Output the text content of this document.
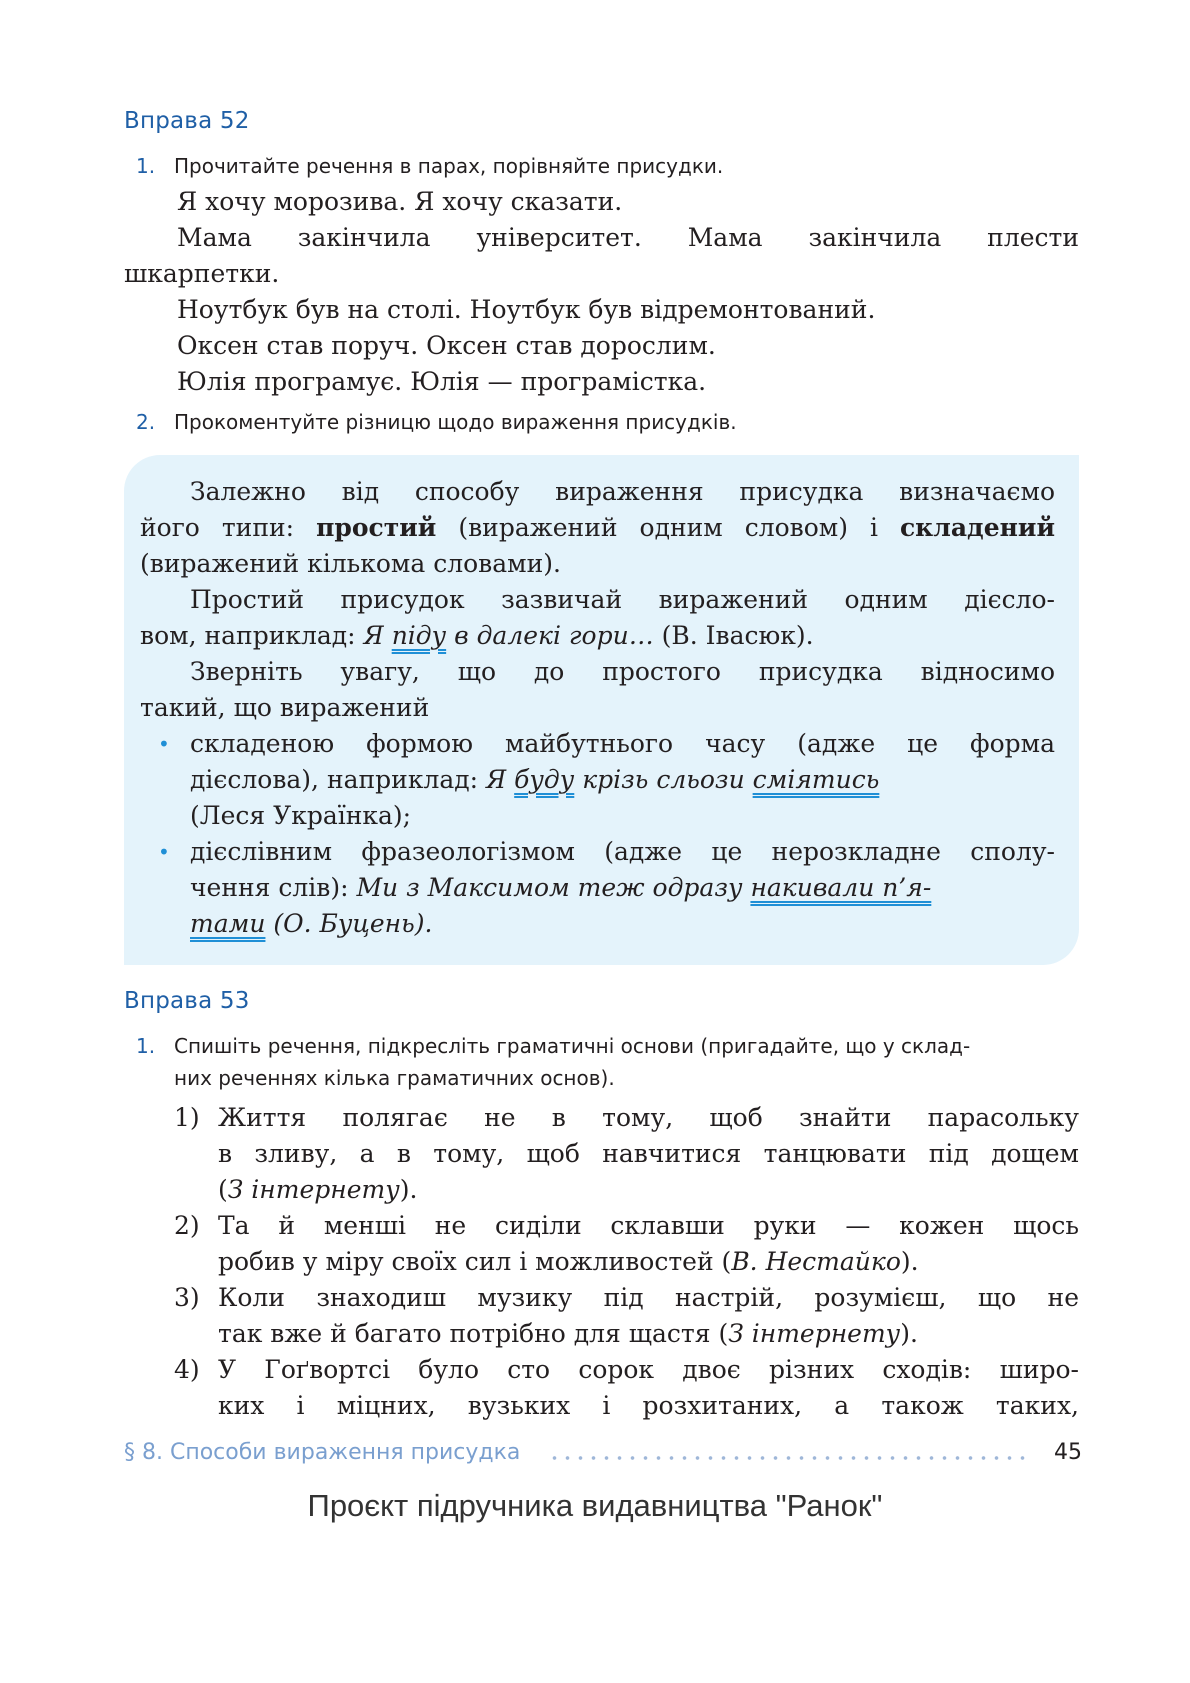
Вправа 52
1. Прочитайте речення в парах, порівняйте присудки.
Я хочу морозива. Я хочу сказати.
Мама закінчила університет. Мама закінчила плести
шкарпетки.
Ноутбук був на столі. Ноутбук був відремонтований.
Оксен став поруч. Оксен став дорослим.
Юлія програмує. Юлія — програмістка.
2. Прокоментуйте різницю щодо вираження присудків.
Залежно від способу вираження присудка визначаємо
його типи: простий (виражений одним словом) і складений
(виражений кількома словами).
Простий присудок зазвичай виражений одним дієсло-
вом, наприклад: Я піду в далекі гори… (В. Івасюк).
Зверніть увагу, що до простого присудка відносимо
такий, що виражений
• складеною формою майбутнього часу (адже це форма
дієслова), наприклад: Я буду крізь сльози сміятись
(Леся Українка);
• дієслівним фразеологізмом (адже це нерозкладне сполу-
чення слів): Ми з Максимом теж одразу накивали п’я-
тами (О. Буцень).
Вправа 53
1. Спишіть речення, підкресліть граматичні основи (пригадайте, що у склад-
них реченнях кілька граматичних основ).
1) Життя полягає не в тому, щоб знайти парасольку
в зливу, а в тому, щоб навчитися танцювати під дощем
(З інтернету).
2) Та й менші не сиділи склавши руки — кожен щось
робив у міру своїх сил і можливостей (В. Нестайко).
3) Коли знаходиш музику під настрій, розумієш, що не
так вже й багато потрібно для щастя (З інтернету).
4) У Гоґвортсі було сто сорок двоє різних сходів: широ-
ких і міцних, вузьких і розхитаних, а також таких,
§ 8. Способи вираження присудка	45
Проєкт підручника видавництва "Ранок"
